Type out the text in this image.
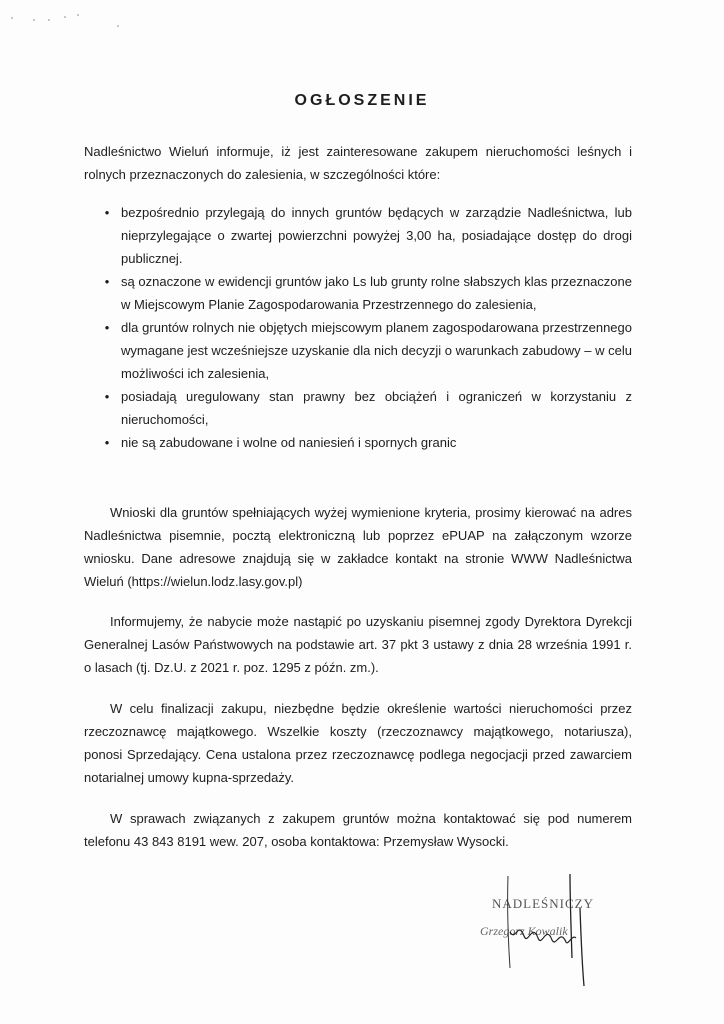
OGŁOSZENIE

Nadleśnictwo Wieluń informuje, iż jest zainteresowane zakupem nieruchomości leśnych i rolnych przeznaczonych do zalesienia, w szczególności które:

• bezpośrednio przylegają do innych gruntów będących w zarządzie Nadleśnictwa, lub nieprzylegające o zwartej powierzchni powyżej 3,00 ha, posiadające dostęp do drogi publicznej.
• są oznaczone w ewidencji gruntów jako Ls lub grunty rolne słabszych klas przeznaczone w Miejscowym Planie Zagospodarowania Przestrzennego do zalesienia,
• dla gruntów rolnych nie objętych miejscowym planem zagospodarowana przestrzennego wymagane jest wcześniejsze uzyskanie dla nich decyzji o warunkach zabudowy – w celu możliwości ich zalesienia,
• posiadają uregulowany stan prawny bez obciążeń i ograniczeń w korzystaniu z nieruchomości,
• nie są zabudowane i wolne od naniesień i spornych granic

Wnioski dla gruntów spełniających wyżej wymienione kryteria, prosimy kierować na adres Nadleśnictwa pisemnie, pocztą elektroniczną lub poprzez ePUAP na załączonym wzorze wniosku. Dane adresowe znajdują się w zakładce kontakt na stronie WWW Nadleśnictwa Wieluń (https://wielun.lodz.lasy.gov.pl)

Informujemy, że nabycie może nastąpić po uzyskaniu pisemnej zgody Dyrektora Dyrekcji Generalnej Lasów Państwowych na podstawie art. 37 pkt 3 ustawy z dnia 28 września 1991 r. o lasach (tj. Dz.U. z 2021 r. poz. 1295 z późn. zm.).

W celu finalizacji zakupu, niezbędne będzie określenie wartości nieruchomości przez rzeczoznawcę majątkowego. Wszelkie koszty (rzeczoznawcy majątkowego, notariusza), ponosi Sprzedający. Cena ustalona przez rzeczoznawcę podlega negocjacji przed zawarciem notarialnej umowy kupna-sprzedaży.

W sprawach związanych z zakupem gruntów można kontaktować się pod numerem telefonu 43 843 8191 wew. 207, osoba kontaktowa: Przemysław Wysocki.

NADLEŚNICZY
Grzegorz Kowalik
